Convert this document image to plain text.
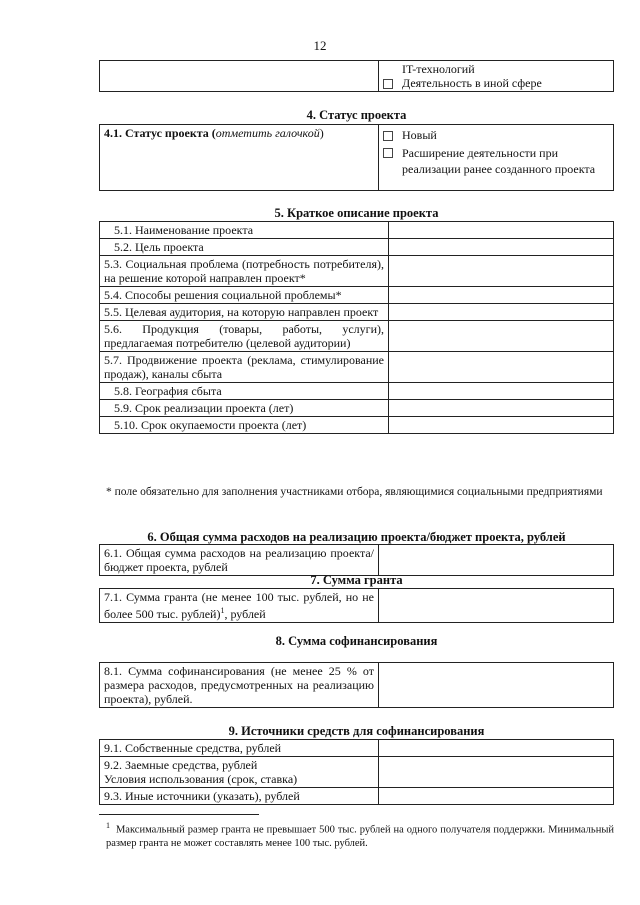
12

IT-технологий
Деятельность в иной сфере
4. Статус проекта
4.1. Статус проекта (отметить галочкой)	Новый
Расширение деятельности при реализации ранее созданного проекта
5. Краткое описание проекта
5.1. Наименование проекта	
5.2. Цель проекта	
5.3. Социальная проблема (потребность потребителя), на решение которой направлен проект*	
5.4. Способы решения социальной проблемы*	
5.5. Целевая аудитория, на которую направлен проект	
5.6. Продукция (товары, работы, услуги), предлагаемая потребителю (целевой аудитории)	
5.7. Продвижение проекта (реклама, стимулирование продаж), каналы сбыта	
5.8. География сбыта	
5.9. Срок реализации проекта (лет)	
5.10. Срок окупаемости проекта (лет)	
* поле обязательно для заполнения участниками отбора, являющимися социальными предприятиями
6. Общая сумма расходов на реализацию проекта/бюджет проекта, рублей
6.1. Общая сумма расходов на реализацию проекта/бюджет проекта, рублей	
7. Сумма гранта
7.1. Сумма гранта (не менее 100 тыс. рублей, но не более 500 тыс. рублей)$^1$, рублей	
8. Сумма софинансирования
8.1. Сумма софинансирования (не менее 25 % от размера расходов, предусмотренных на реализацию проекта), рублей.	
9. Источники средств для софинансирования
9.1. Собственные средства, рублей	

9.2. Заемные средства, рублей
Условия использования (срок, ставка)	

9.3. Иные источники (указать), рублей	
$^1$ Максимальный размер гранта не превышает 500 тыс. рублей на одного получателя поддержки. Минимальный размер гранта не может составлять менее 100 тыс. рублей.
